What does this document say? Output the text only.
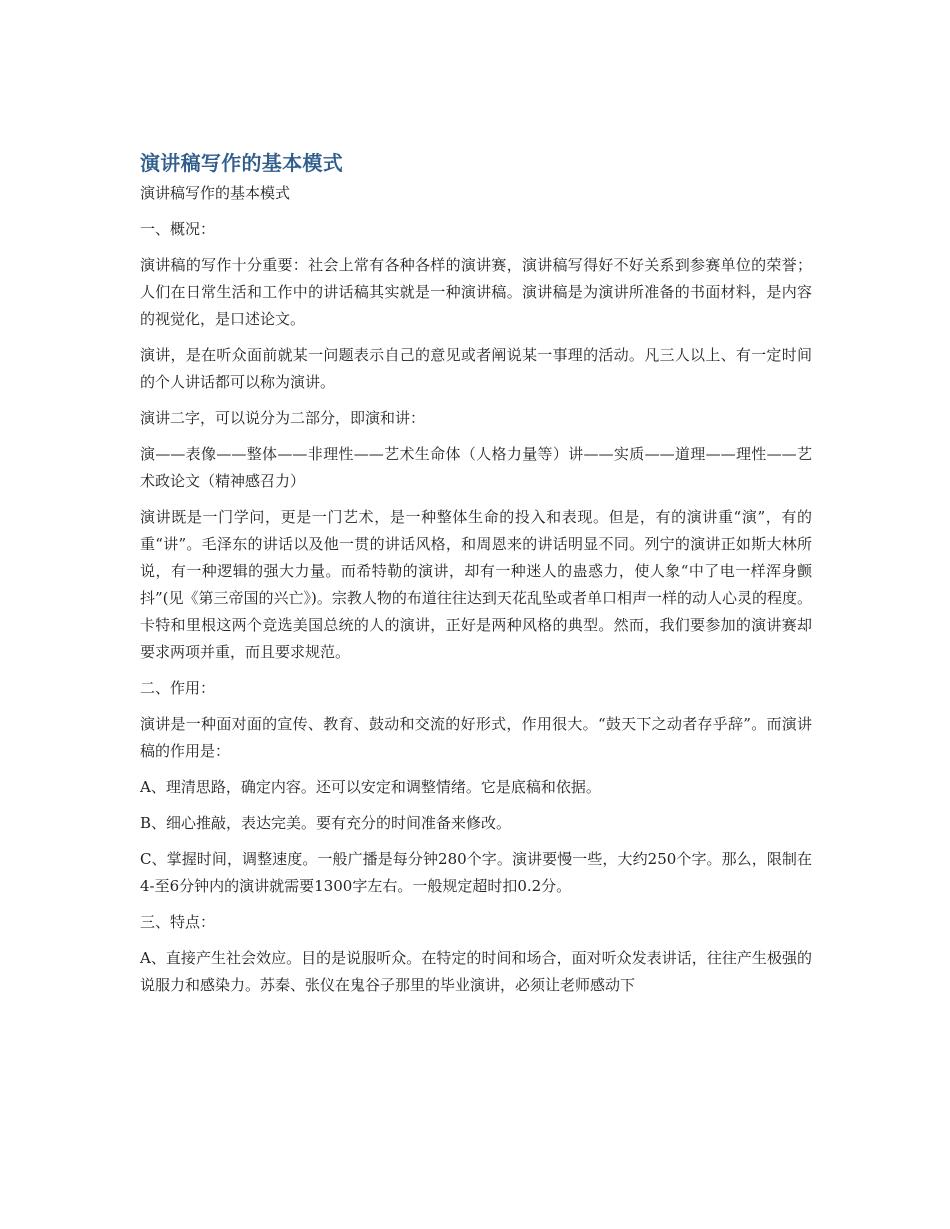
演讲稿写作的基本模式

演讲稿写作的基本模式

一、概况：

演讲稿的写作十分重要：社会上常有各种各样的演讲赛，演讲稿写得好不好关系到参赛单位的荣誉；人们在日常生活和工作中的讲话稿其实就是一种演讲稿。演讲稿是为演讲所准备的书面材料，是内容的视觉化，是口述论文。

演讲，是在听众面前就某一问题表示自己的意见或者阐说某一事理的活动。凡三人以上、有一定时间的个人讲话都可以称为演讲。

演讲二字，可以说分为二部分，即演和讲：

演——表像——整体——非理性——艺术生命体（人格力量等）讲——实质——道理——理性——艺术政论文（精神感召力）

演讲既是一门学问，更是一门艺术，是一种整体生命的投入和表现。但是，有的演讲重“演”，有的重“讲”。毛泽东的讲话以及他一贯的讲话风格，和周恩来的讲话明显不同。列宁的演讲正如斯大林所说，有一种逻辑的强大力量。而希特勒的演讲，却有一种迷人的蛊惑力，使人象“中了电一样浑身颤抖”(见《第三帝国的兴亡》)。宗教人物的布道往往达到天花乱坠或者单口相声一样的动人心灵的程度。卡特和里根这两个竞选美国总统的人的演讲，正好是两种风格的典型。然而，我们要参加的演讲赛却要求两项并重，而且要求规范。

二、作用：

演讲是一种面对面的宣传、教育、鼓动和交流的好形式，作用很大。“鼓天下之动者存乎辞”。而演讲稿的作用是：

A、理清思路，确定内容。还可以安定和调整情绪。它是底稿和依据。

B、细心推敲，表达完美。要有充分的时间准备来修改。

C、掌握时间，调整速度。一般广播是每分钟280个字。演讲要慢一些，大约250个字。那么，限制在4-至6分钟内的演讲就需要1300字左右。一般规定超时扣0.2分。

三、特点：

A、直接产生社会效应。目的是说服听众。在特定的时间和场合，面对听众发表讲话，往往产生极强的说服力和感染力。苏秦、张仪在鬼谷子那里的毕业演讲，必须让老师感动下
